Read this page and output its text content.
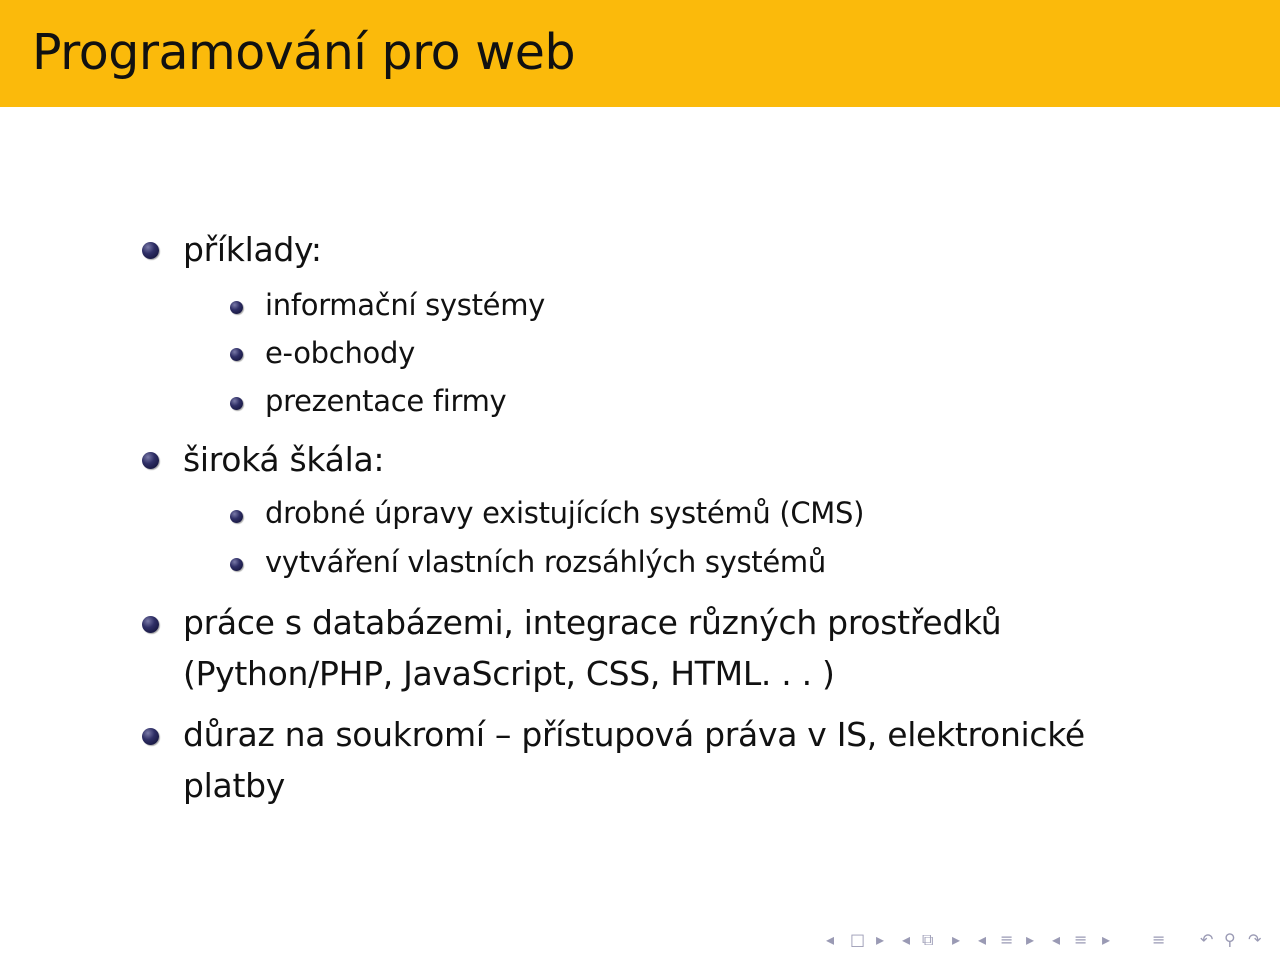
Programování pro web
příklady:
informační systémy
e-obchody
prezentace firmy
široká škála:
drobné úpravy existujících systémů (CMS)
vytváření vlastních rozsáhlých systémů
práce s databázemi, integrace různých prostředků
(Python/PHP, JavaScript, CSS, HTML. . . )
důraz na soukromí – přístupová práva v IS, elektronické
platby
◂ □ ▸ ◂ ⧉ ▸ ◂ ≡ ▸ ◂ ≡ ▸	≡ ↶ ⚲ ↷
